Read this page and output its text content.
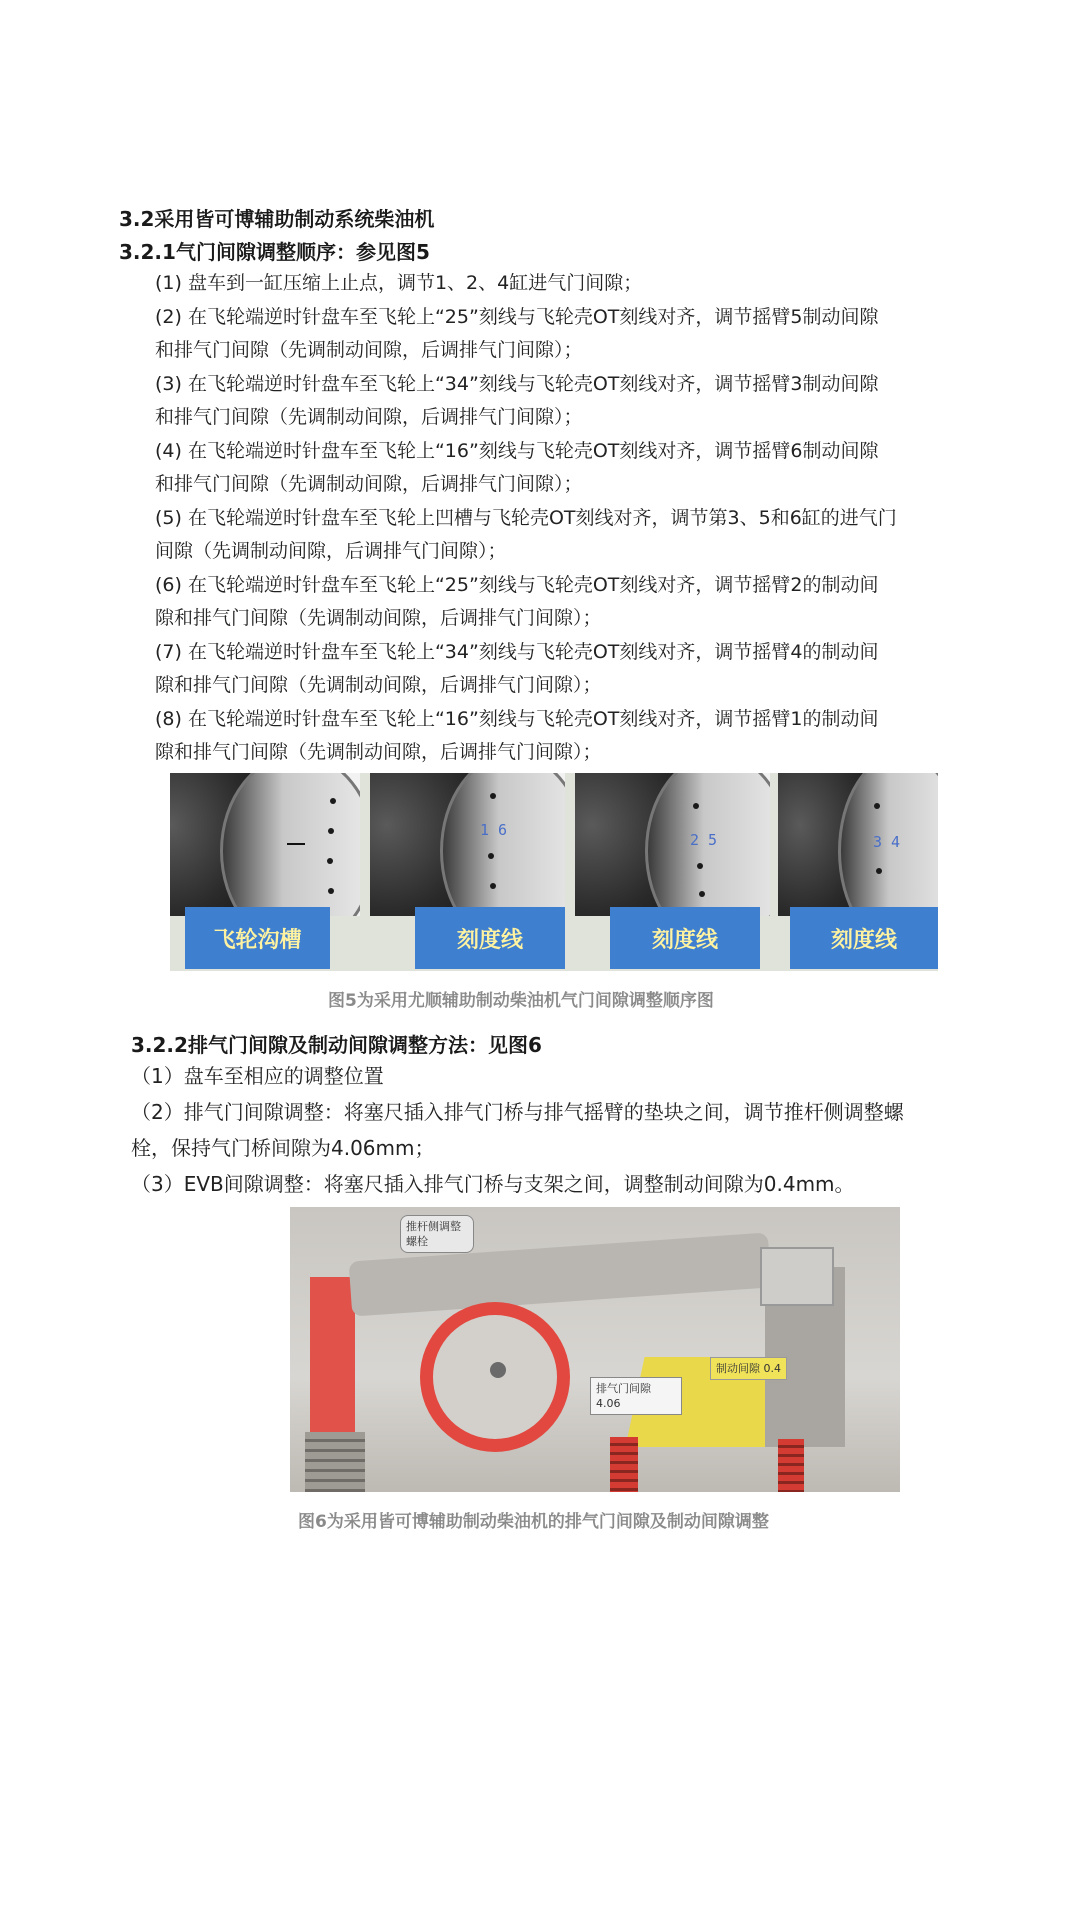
3.2采用皆可博辅助制动系统柴油机
3.2.1气门间隙调整顺序：参见图5
(1) 盘车到一缸压缩上止点，调节1、2、4缸进气门间隙；
(2) 在飞轮端逆时针盘车至飞轮上“25”刻线与飞轮壳OT刻线对齐，调节摇臂5制动间隙
和排气门间隙（先调制动间隙，后调排气门间隙）；
(3) 在飞轮端逆时针盘车至飞轮上“34”刻线与飞轮壳OT刻线对齐，调节摇臂3制动间隙
和排气门间隙（先调制动间隙，后调排气门间隙）；
(4) 在飞轮端逆时针盘车至飞轮上“16”刻线与飞轮壳OT刻线对齐，调节摇臂6制动间隙
和排气门间隙（先调制动间隙，后调排气门间隙）；
(5) 在飞轮端逆时针盘车至飞轮上凹槽与飞轮壳OT刻线对齐，调节第3、5和6缸的进气门
间隙（先调制动间隙，后调排气门间隙）；
(6) 在飞轮端逆时针盘车至飞轮上“25”刻线与飞轮壳OT刻线对齐，调节摇臂2的制动间
隙和排气门间隙（先调制动间隙，后调排气门间隙）；
(7) 在飞轮端逆时针盘车至飞轮上“34”刻线与飞轮壳OT刻线对齐，调节摇臂4的制动间
隙和排气门间隙（先调制动间隙，后调排气门间隙）；
(8) 在飞轮端逆时针盘车至飞轮上“16”刻线与飞轮壳OT刻线对齐，调节摇臂1的制动间
隙和排气门间隙（先调制动间隙，后调排气门间隙）；
1 6
2 5	3 4
飞轮沟槽	刻度线	刻度线	刻度线
图5为采用尤顺辅助制动柴油机气门间隙调整顺序图
3.2.2排气门间隙及制动间隙调整方法：见图6
（1）盘车至相应的调整位置
（2）排气门间隙调整：将塞尺插入排气门桥与排气摇臂的垫块之间，调节推杆侧调整螺
栓，保持气门桥间隙为4.06mm；
（3）EVB间隙调整：将塞尺插入排气门桥与支架之间，调整制动间隙为0.4mm。
推杆侧调整螺栓
排气门间隙 4.06
制动间隙 0.4
图6为采用皆可博辅助制动柴油机的排气门间隙及制动间隙调整
